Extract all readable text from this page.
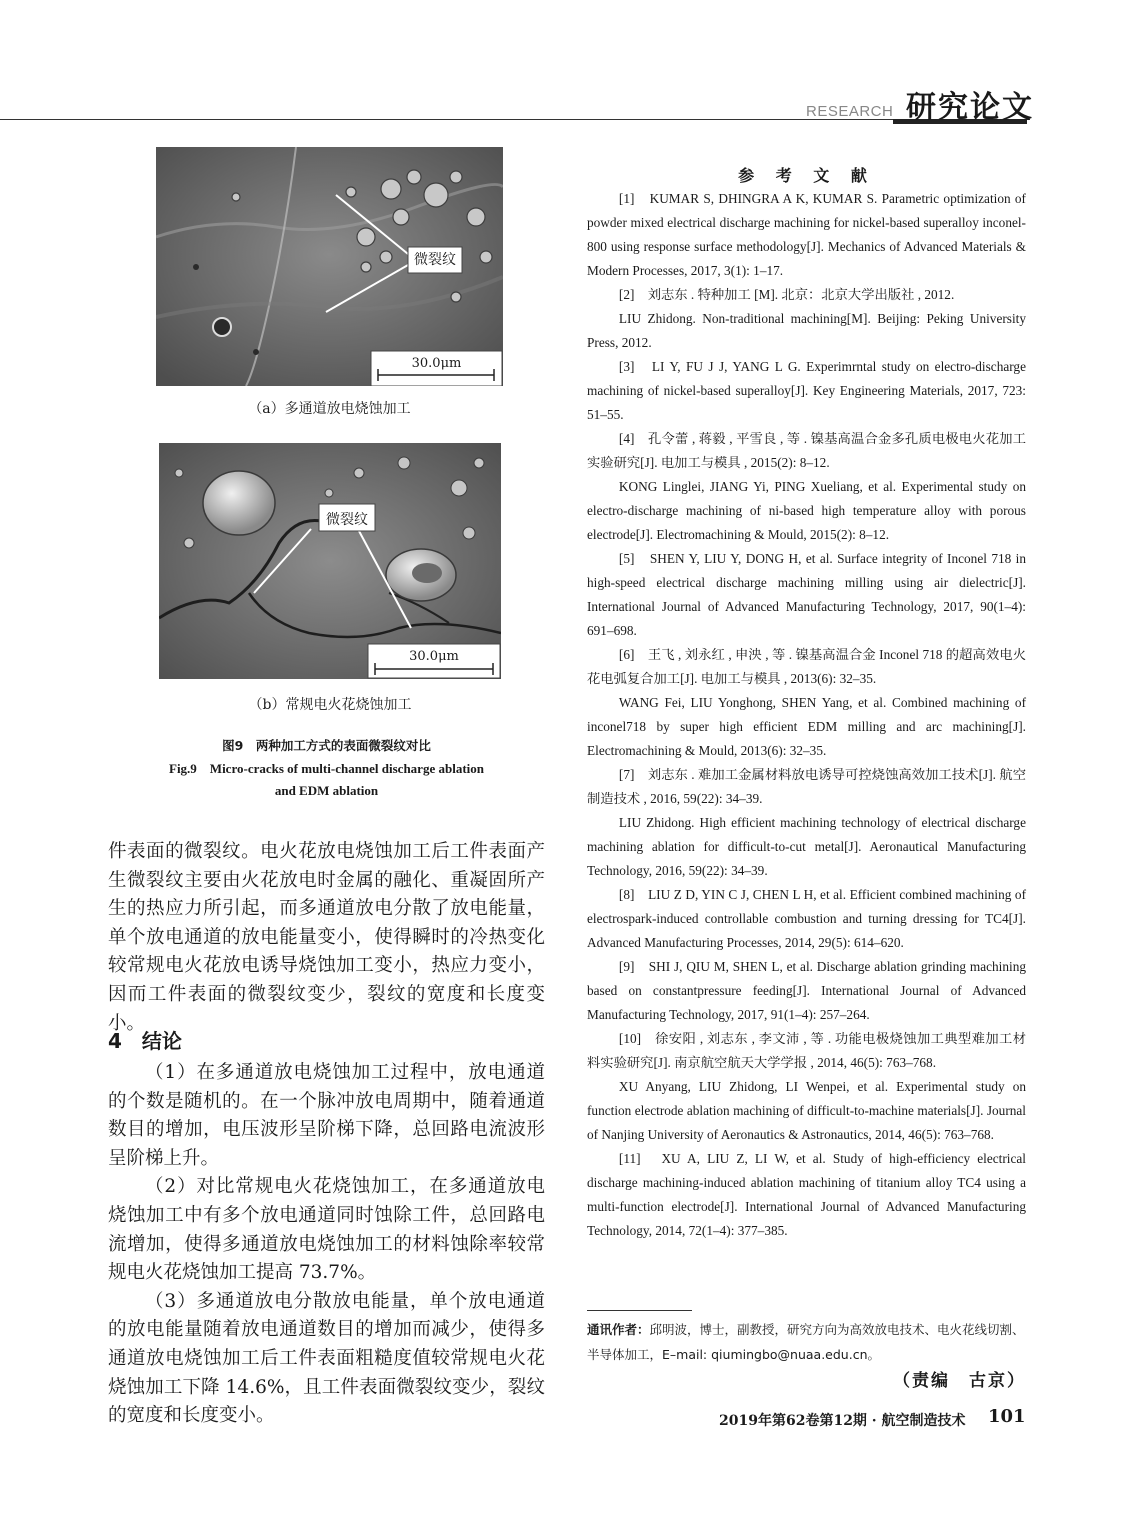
RESEARCH 研究论文
微裂纹
30.0μm
（a）多通道放电烧蚀加工
微裂纹
30.0μm
（b）常规电火花烧蚀加工
图9　两种加工方式的表面微裂纹对比
Fig.9　Micro-cracks of multi-channel discharge ablation
and EDM ablation

件表面的微裂纹。电火花放电烧蚀加工后工件表面产生微裂纹主要由火花放电时金属的融化、重凝固所产生的热应力所引起，而多通道放电分散了放电能量，单个放电通道的放电能量变小，使得瞬时的冷热变化较常规电火花放电诱导烧蚀加工变小，热应力变小，因而工件表面的微裂纹变少，裂纹的宽度和长度变小。

4　结论

（1）在多通道放电烧蚀加工过程中，放电通道的个数是随机的。在一个脉冲放电周期中，随着通道数目的增加，电压波形呈阶梯下降，总回路电流波形呈阶梯上升。

（2）对比常规电火花烧蚀加工，在多通道放电烧蚀加工中有多个放电通道同时蚀除工件，总回路电流增加，使得多通道放电烧蚀加工的材料蚀除率较常规电火花烧蚀加工提高 73.7%。

（3）多通道放电分散放电能量，单个放电通道的放电能量随着放电通道数目的增加而减少，使得多通道放电烧蚀加工后工件表面粗糙度值较常规电火花烧蚀加工下降 14.6%，且工件表面微裂纹变少，裂纹的宽度和长度变小。

参 考 文 献

[1]　KUMAR S, DHINGRA A K, KUMAR S. Parametric optimization of powder mixed electrical discharge machining for nickel-based superalloy inconel-800 using response surface methodology[J]. Mechanics of Advanced Materials & Modern Processes, 2017, 3(1): 1–17.

[2]　刘志东 . 特种加工 [M]. 北京：北京大学出版社 , 2012.

LIU Zhidong. Non-traditional machining[M]. Beijing: Peking University Press, 2012.

[3]　LI Y, FU J J, YANG L G. Experimrntal study on electro-discharge machining of nickel-based superalloy[J]. Key Engineering Materials, 2017, 723: 51–55.

[4]　孔令蕾 , 蒋毅 , 平雪良 , 等 . 镍基高温合金多孔质电极电火花加工实验研究[J]. 电加工与模具 , 2015(2): 8–12.

KONG Linglei, JIANG Yi, PING Xueliang, et al. Experimental study on electro-discharge machining of ni-based high temperature alloy with porous electrode[J]. Electromachining & Mould, 2015(2): 8–12.

[5]　SHEN Y, LIU Y, DONG H, et al. Surface integrity of Inconel 718 in high-speed electrical discharge machining milling using air dielectric[J]. International Journal of Advanced Manufacturing Technology, 2017, 90(1–4): 691–698.

[6]　王飞 , 刘永红 , 申泱 , 等 . 镍基高温合金 Inconel 718 的超高效电火花电弧复合加工[J]. 电加工与模具 , 2013(6): 32–35.

WANG Fei, LIU Yonghong, SHEN Yang, et al. Combined machining of inconel718 by super high efficient EDM milling and arc machining[J]. Electromachining & Mould, 2013(6): 32–35.

[7]　刘志东 . 难加工金属材料放电诱导可控烧蚀高效加工技术[J]. 航空制造技术 , 2016, 59(22): 34–39.

LIU Zhidong. High efficient machining technology of electrical discharge machining ablation for difficult-to-cut metal[J]. Aeronautical Manufacturing Technology, 2016, 59(22): 34–39.

[8]　LIU Z D, YIN C J, CHEN L H, et al. Efficient combined machining of electrospark-induced controllable combustion and turning dressing for TC4[J]. Advanced Manufacturing Processes, 2014, 29(5): 614–620.

[9]　SHI J, QIU M, SHEN L, et al. Discharge ablation grinding machining based on constantpressure feeding[J]. International Journal of Advanced Manufacturing Technology, 2017, 91(1–4): 257–264.

[10]　徐安阳 , 刘志东 , 李文沛 , 等 . 功能电极烧蚀加工典型难加工材料实验研究[J]. 南京航空航天大学学报 , 2014, 46(5): 763–768.

XU Anyang, LIU Zhidong, LI Wenpei, et al. Experimental study on function electrode ablation machining of difficult-to-machine materials[J]. Journal of Nanjing University of Aeronautics & Astronautics, 2014, 46(5): 763–768.

[11]　XU A, LIU Z, LI W, et al. Study of high-efficiency electrical discharge machining-induced ablation machining of titanium alloy TC4 using a multi-function electrode[J]. International Journal of Advanced Manufacturing Technology, 2014, 72(1–4): 377–385.

通讯作者：邱明波，博士，副教授，研究方向为高效放电技术、电火花线切割、半导体加工，E–mail: qiumingbo@nuaa.edu.cn。
（责编　古京）
2019年第62卷第12期 · 航空制造技术 101
